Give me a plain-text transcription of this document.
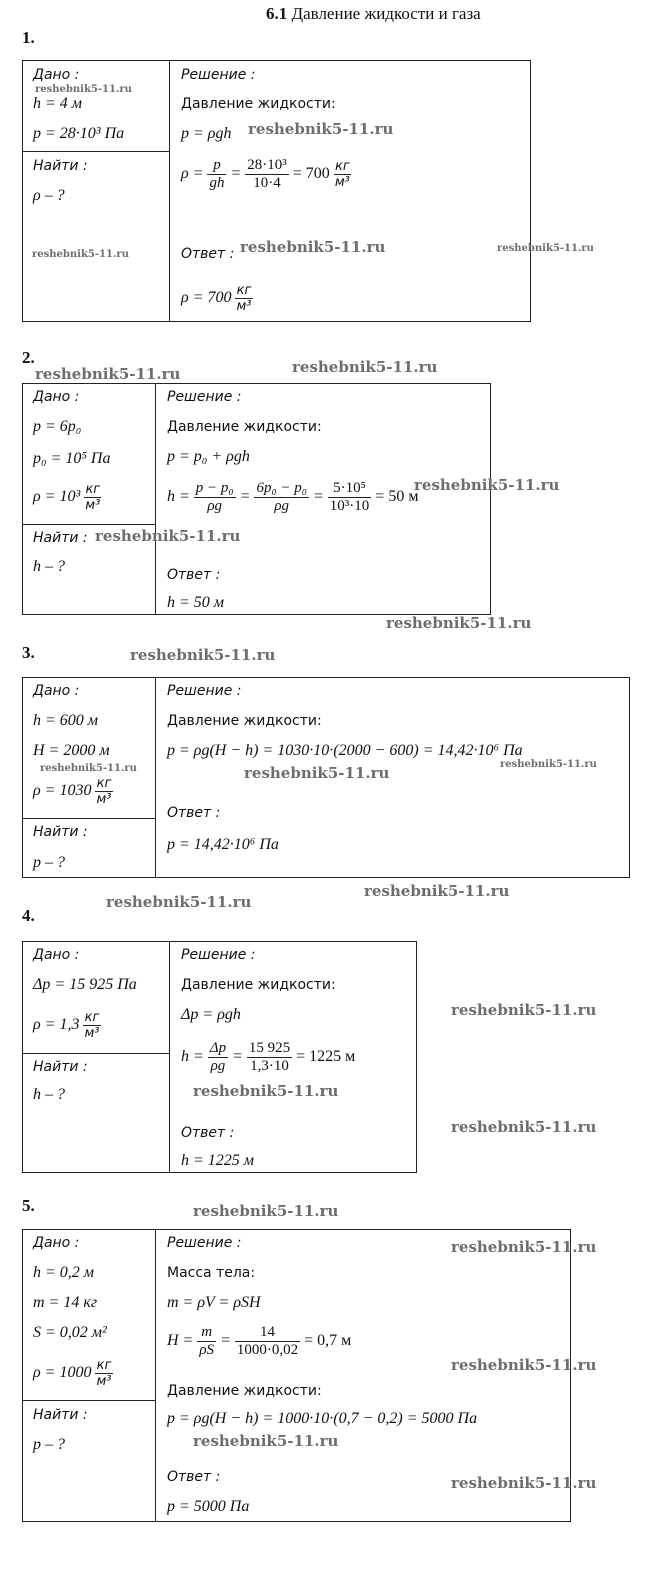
6.1 Давление жидкости и газа
1.
Дано :
h = 4 м
p = 28·10³ Па
Найти :
ρ – ?
Решение :
Давление жидкости:
p = ρgh
$\rho = \frac{p}{gh} = \frac{\text{28·10³}}{10\cdot 4} = 700$ кг
м³
Ответ :
ρ = 700 кг
м³
2.
Дано :
p = 6p₀
p₀ = 10⁵ Па
ρ = 10³ кг
м³
Найти :
h – ?
Решение :
Давление жидкости:
p = p₀ + ρgh
$h = \frac{\text{p − p₀}}{\rho g} = \frac{\text{6p₀ − p₀}}{\rho g} = \frac{\text{5·10⁵}}{\text{10³·10}} = 50$ м
Ответ :
h = 50 м
3.
Дано :
h = 600 м
H = 2000 м
ρ = 1030 кг
м³
Найти :
p – ?
Решение :
Давление жидкости:
p = ρg(H − h) = 1030·10·(2000 − 600) = 14,42·10⁶ Па
Ответ :
p = 14,42·10⁶ Па
4.
Дано :
Δp = 15 925 Па
ρ = 1,3 кг
м³
Найти :
h – ?
Решение :
Давление жидкости:
Δp = ρgh
$h = \frac{\Delta p}{\rho g} = \frac{15 925}{1,3\cdot 10} = 1225$ м
Ответ :
h = 1225 м
5.
Дано :
h = 0,2 м
m = 14 кг
S = 0,02 м²
ρ = 1000 кг
м³
Найти :
p – ?
Решение :
Масса тела:
m = ρV = ρSH
$H = \frac{m}{\rho S} = \frac{14}{1000\cdot 0,02} = 0,7$ м
Давление жидкости:
p = ρg(H − h) = 1000·10·(0,7 − 0,2) = 5000 Па
Ответ :
p = 5000 Па
reshebnik5-11.ru
reshebnik5-11.ru
reshebnik5-11.ru	reshebnik5-11.ru	reshebnik5-11.ru
reshebnik5-11.ru	reshebnik5-11.ru
reshebnik5-11.ru
reshebnik5-11.ru
reshebnik5-11.ru
reshebnik5-11.ru
reshebnik5-11.ru	reshebnik5-11.ru	reshebnik5-11.ru
reshebnik5-11.ru
reshebnik5-11.ru
reshebnik5-11.ru
reshebnik5-11.ru
reshebnik5-11.ru
reshebnik5-11.ru
reshebnik5-11.ru
reshebnik5-11.ru
reshebnik5-11.ru
reshebnik5-11.ru
